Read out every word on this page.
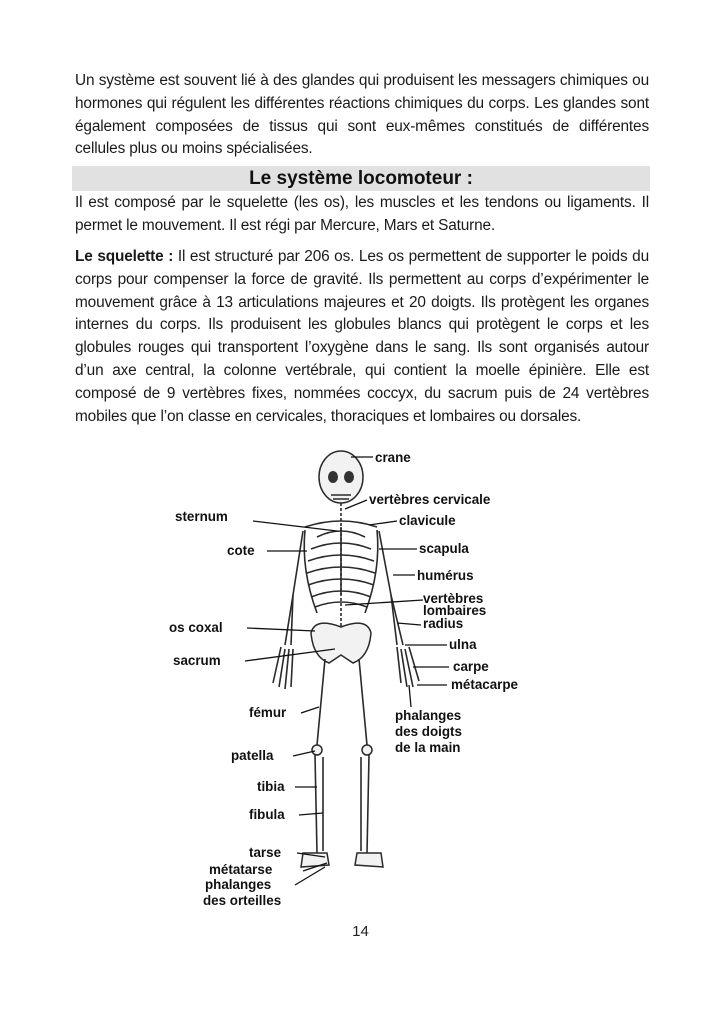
Un système est souvent lié à des glandes qui produisent les messagers chimiques ou hormones qui régulent les différentes réactions chimiques du corps. Les glandes sont également composées de tissus qui sont eux-mêmes constitués de différentes cellules plus ou moins spécialisées.
Le système locomoteur :
Il est composé par le squelette (les os), les muscles et les tendons ou ligaments. Il permet le mouvement. Il est régi par Mercure, Mars et Saturne.
Le squelette : Il est structuré par 206 os. Les os permettent de supporter le poids du corps pour compenser la force de gravité. Ils permettent au corps d’expérimenter le mouvement grâce à 13 articulations majeures et 20 doigts. Ils protègent les organes internes du corps. Ils produisent les globules blancs qui protègent le corps et les globules rouges qui transportent l’oxygène dans le sang. Ils sont organisés autour d’un axe central, la colonne vertébrale, qui contient la moelle épinière. Elle est composé de 9 vertèbres fixes, nommées coccyx, du sacrum puis de 24 vertèbres mobiles que l’on classe en cervicales, thoraciques et lombaires ou dorsales.
crane
vertèbres cervicale
sternum	clavicule
cote	scapula
humérus
vertèbres
lombaires
os coxal	radius
ulna
sacrum	carpe
métacarpe
fémur	phalanges
des doigts
de la main
patella
tibia
fibula
tarse
métatarse
phalanges
des orteilles
14
